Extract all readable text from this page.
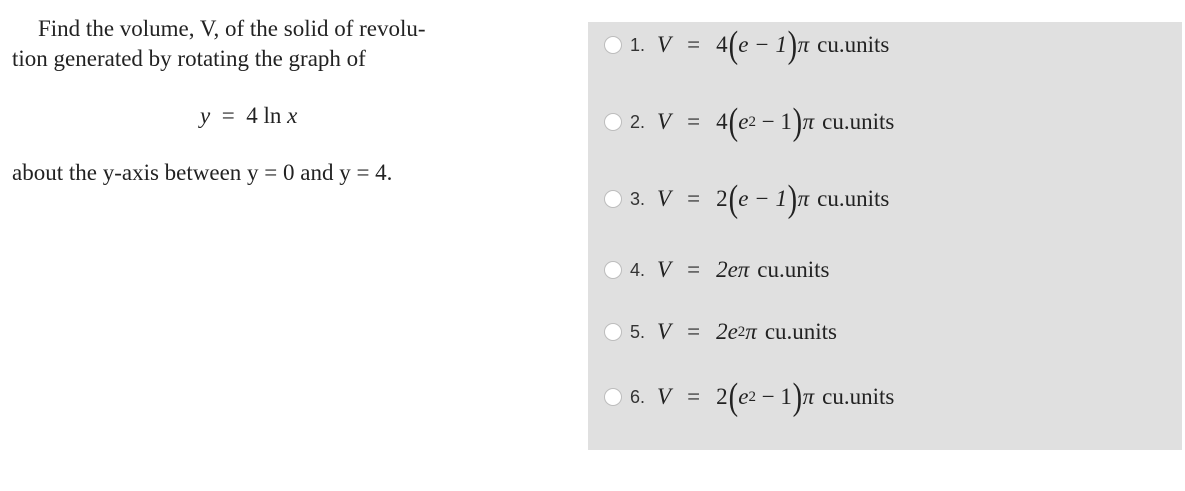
Find the volume, V, of the solid of revolu-
tion generated by rotating the graph of
y  =  4 ln x
about the y-axis between y = 0 and y = 4.
1. V = 4 ( e − 1 ) π cu.units
2. V = 4 ( e 2 − 1 ) π cu.units
3. V = 2 ( e − 1 ) π cu.units
4. V = 2eπ cu.units
5. V = 2e 2 π cu.units
6. V = 2 ( e 2 − 1 ) π cu.units
